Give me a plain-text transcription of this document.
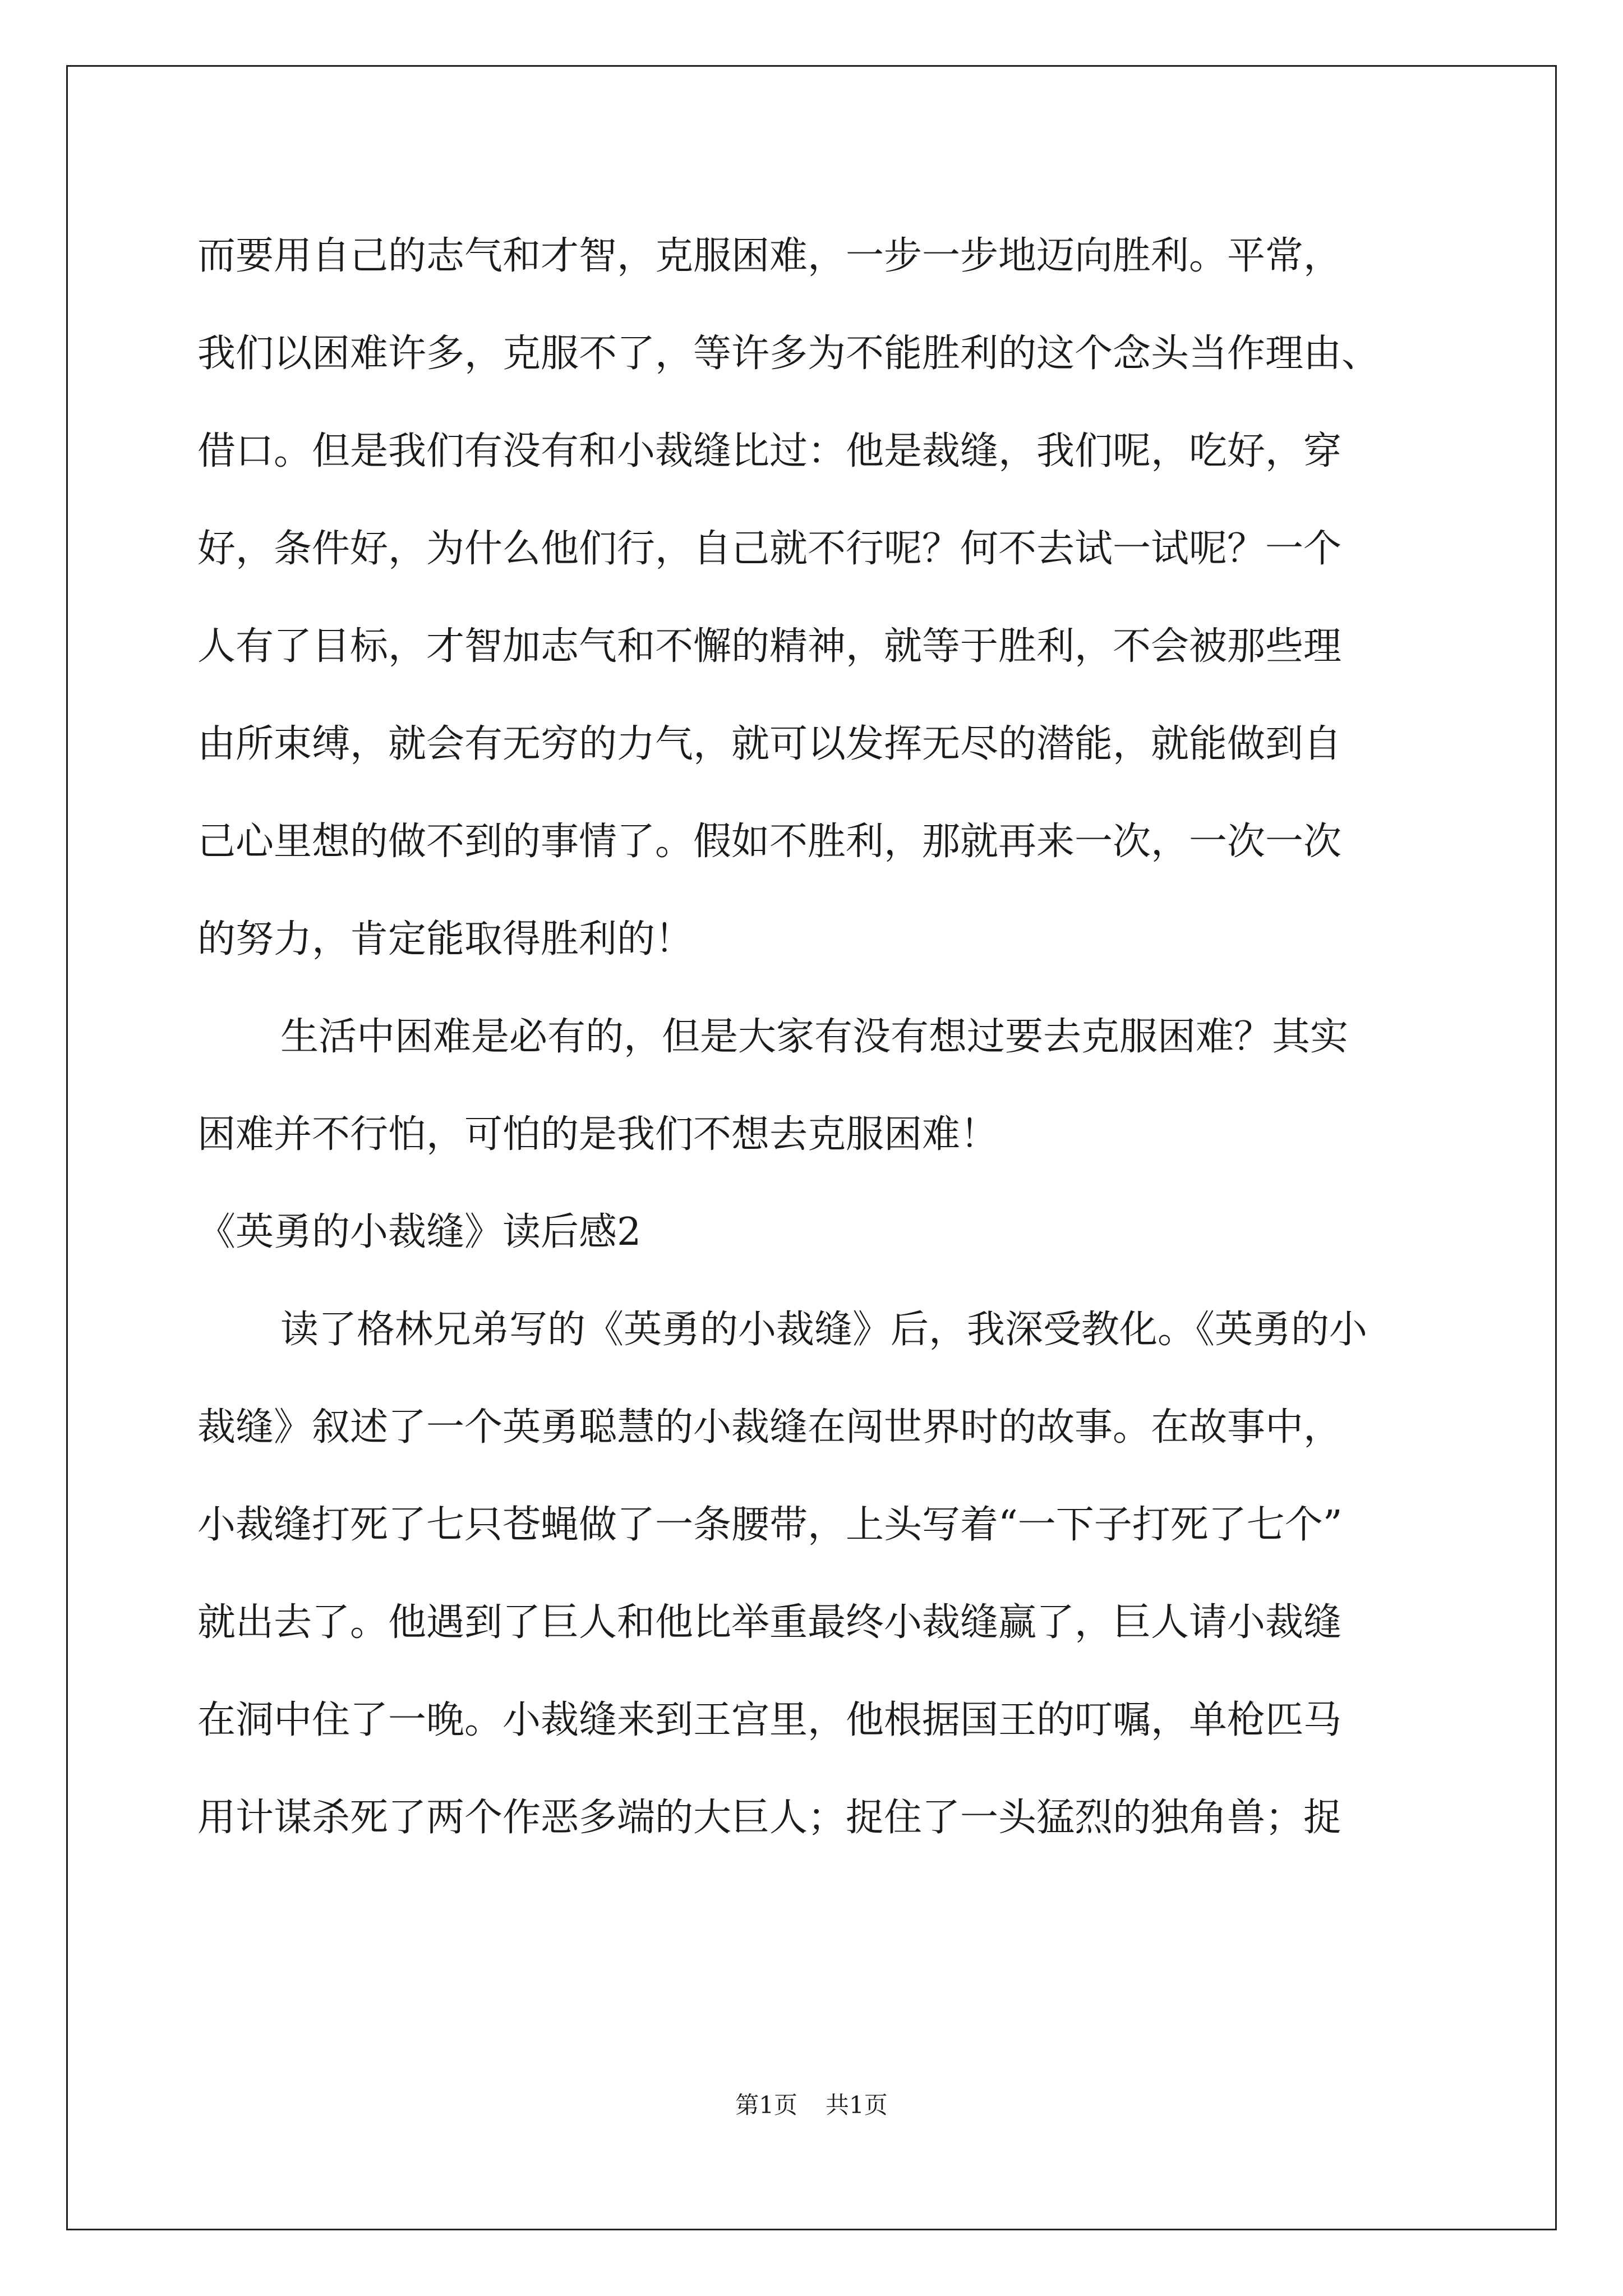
而要用自己的志气和才智，克服困难，一步一步地迈向胜利。平常，
我们以困难许多，克服不了，等许多为不能胜利的这个念头当作理由、
借口。但是我们有没有和小裁缝比过：他是裁缝，我们呢，吃好，穿
好，条件好，为什么他们行，自己就不行呢？何不去试一试呢？一个
人有了目标，才智加志气和不懈的精神，就等于胜利，不会被那些理
由所束缚，就会有无穷的力气，就可以发挥无尽的潜能，就能做到自
己心里想的做不到的事情了。假如不胜利，那就再来一次，一次一次
的努力，肯定能取得胜利的！
生活中困难是必有的，但是大家有没有想过要去克服困难？其实
困难并不行怕，可怕的是我们不想去克服困难！
《英勇的小裁缝》读后感2
读了格林兄弟写的《英勇的小裁缝》后，我深受教化。《英勇的小
裁缝》叙述了一个英勇聪慧的小裁缝在闯世界时的故事。在故事中，
小裁缝打死了七只苍蝇做了一条腰带，上头写着“一下子打死了七个”
就出去了。他遇到了巨人和他比举重最终小裁缝赢了，巨人请小裁缝
在洞中住了一晚。小裁缝来到王宫里，他根据国王的叮嘱，单枪匹马
用计谋杀死了两个作恶多端的大巨人；捉住了一头猛烈的独角兽；捉
第1页 共1页
